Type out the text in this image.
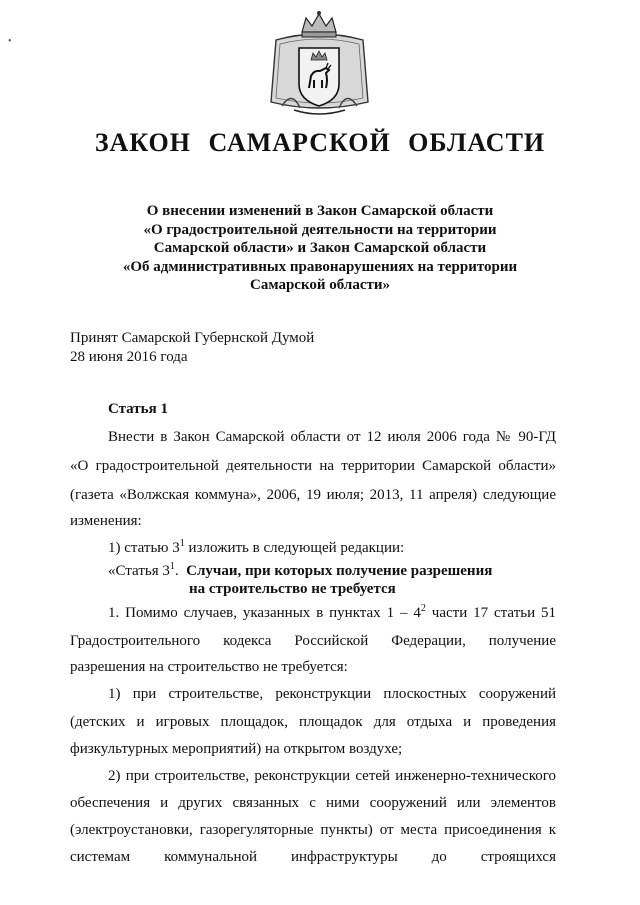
•
ЗАКОН САМАРСКОЙ ОБЛАСТИ
О внесении изменений в Закон Самарской области
«О градостроительной деятельности на территории
Самарской области» и Закон Самарской области
«Об административных правонарушениях на территории
Самарской области»
Принят Самарской Губернской Думой
28 июня 2016 года
Статья 1
Внести в Закон Самарской области от 12 июля 2006 года № 90-ГД
«О градостроительной деятельности на территории Самарской области»
(газета «Волжская коммуна», 2006, 19 июля; 2013, 11 апреля) следующие
изменения:
1) статью $3^1$ изложить в следующей редакции:
«Статья $3^1$.  Случаи, при которых получение разрешения
на строительство не требуется
1. Помимо случаев, указанных в пунктах $1 - 4^2$ части 17 статьи 51
Градостроительного кодекса Российской Федерации, получение
разрешения на строительство не требуется:
1) при строительстве, реконструкции плоскостных сооружений
(детских и игровых площадок, площадок для отдыха и проведения
физкультурных мероприятий) на открытом воздухе;
2) при строительстве, реконструкции сетей инженерно-технического
обеспечения и других связанных с ними сооружений или элементов
(электроустановки, газорегуляторные пункты) от места присоединения к
системам коммунальной инфраструктуры до строящихся
